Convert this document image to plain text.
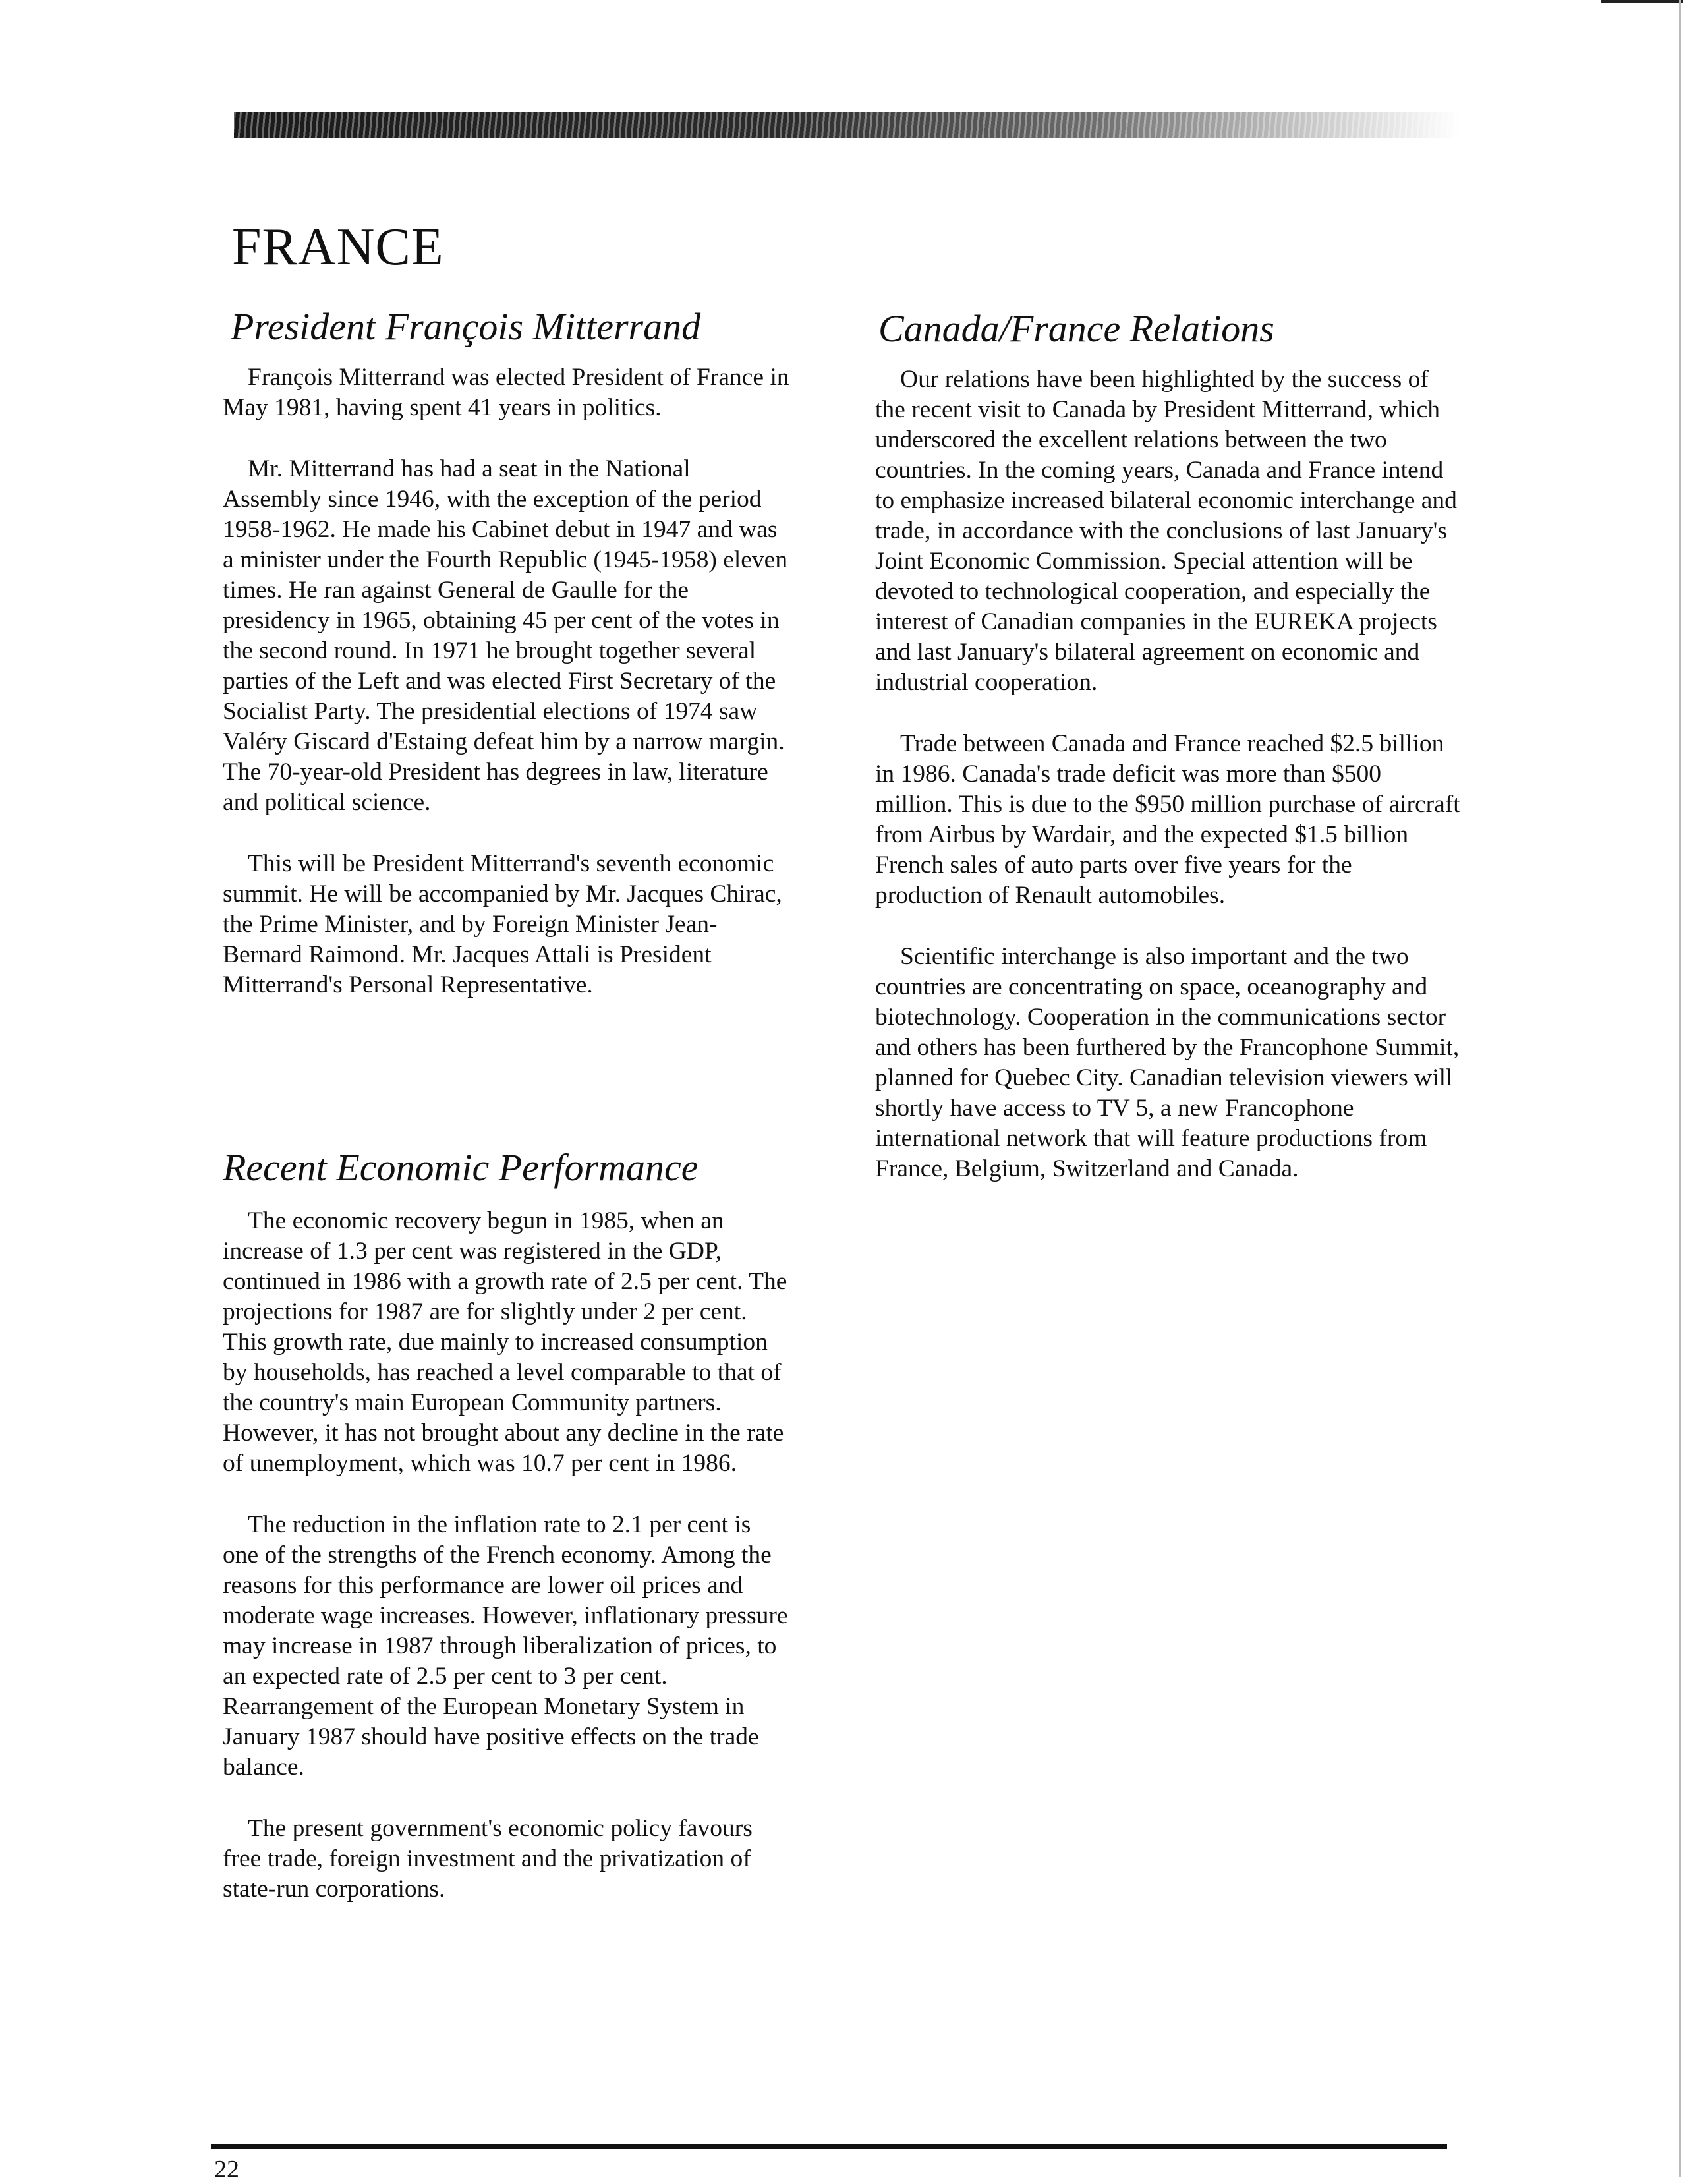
FRANCE
President François Mitterrand

François Mitterrand was elected President of France in May 1981, having spent 41 years in politics.

Mr. Mitterrand has had a seat in the National Assembly since 1946, with the exception of the period 1958-1962. He made his Cabinet debut in 1947 and was a minister under the Fourth Republic (1945-1958) eleven times. He ran against General de Gaulle for the presidency in 1965, obtaining 45 per cent of the votes in the second round. In 1971 he brought together several parties of the Left and was elected First Secretary of the Socialist Party. The presidential elections of 1974 saw Valéry Giscard d'Estaing defeat him by a narrow margin. The 70-year-old President has degrees in law, literature and political science.

This will be President Mitterrand's seventh economic summit. He will be accompanied by Mr. Jacques Chirac, the Prime Minister, and by Foreign Minister Jean-Bernard Raimond. Mr. Jacques Attali is President Mitterrand's Personal Representative.

Recent Economic Performance

The economic recovery begun in 1985, when an increase of 1.3 per cent was registered in the GDP, continued in 1986 with a growth rate of 2.5 per cent. The projections for 1987 are for slightly under 2 per cent. This growth rate, due mainly to increased consumption by households, has reached a level comparable to that of the country's main European Community partners. However, it has not brought about any decline in the rate of unemployment, which was 10.7 per cent in 1986.

The reduction in the inflation rate to 2.1 per cent is one of the strengths of the French economy. Among the reasons for this performance are lower oil prices and moderate wage increases. However, inflationary pressure may increase in 1987 through liberalization of prices, to an expected rate of 2.5 per cent to 3 per cent. Rearrangement of the European Monetary System in January 1987 should have positive effects on the trade balance.

The present government's economic policy favours free trade, foreign investment and the privatization of state-run corporations.

Canada/France Relations

Our relations have been highlighted by the success of the recent visit to Canada by President Mitterrand, which underscored the excellent relations between the two countries. In the coming years, Canada and France intend to emphasize increased bilateral economic interchange and trade, in accordance with the conclusions of last January's Joint Economic Commission. Special attention will be devoted to technological cooperation, and especially the interest of Canadian companies in the EUREKA projects and last January's bilateral agreement on economic and industrial cooperation.

Trade between Canada and France reached $2.5 billion in 1986. Canada's trade deficit was more than $500 million. This is due to the $950 million purchase of aircraft from Airbus by Wardair, and the expected $1.5 billion French sales of auto parts over five years for the production of Renault automobiles.

Scientific interchange is also important and the two countries are concentrating on space, oceanography and biotechnology. Cooperation in the communications sector and others has been furthered by the Francophone Summit, planned for Quebec City. Canadian television viewers will shortly have access to TV 5, a new Francophone international network that will feature productions from France, Belgium, Switzerland and Canada.

22
